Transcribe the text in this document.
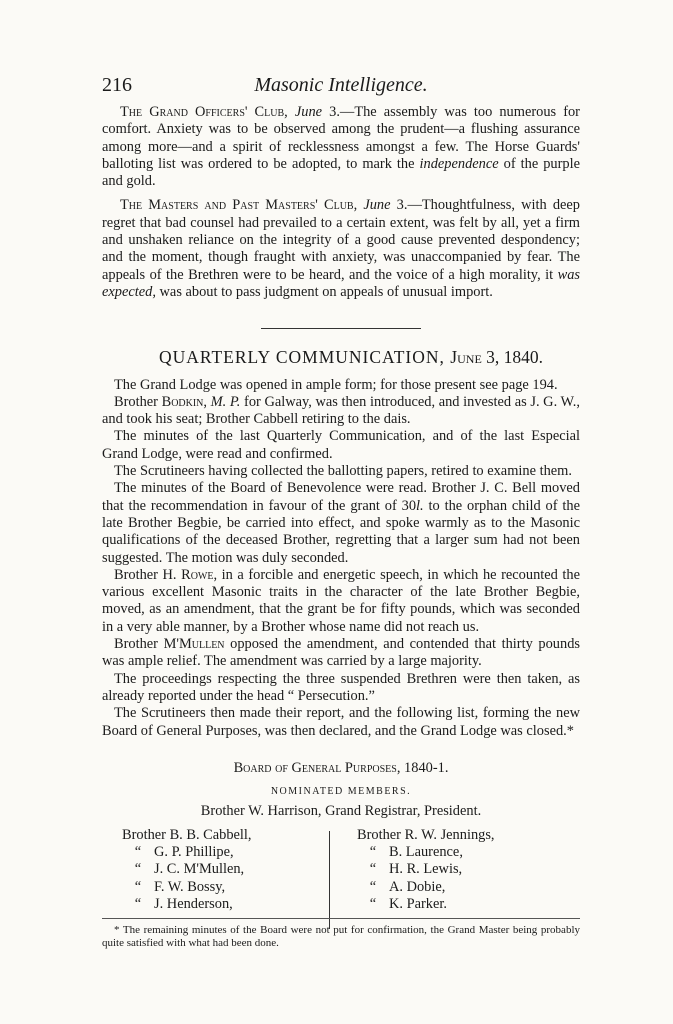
216	Masonic Intelligence.

The Grand Officers' Club, June 3.—The assembly was too numerous for comfort. Anxiety was to be observed among the prudent—a flushing assurance among more—and a spirit of recklessness amongst a few. The Horse Guards' balloting list was ordered to be adopted, to mark the independence of the purple and gold.

The Masters and Past Masters' Club, June 3.—Thoughtfulness, with deep regret that bad counsel had prevailed to a certain extent, was felt by all, yet a firm and unshaken reliance on the integrity of a good cause prevented despondency; and the moment, though fraught with anxiety, was unaccompanied by fear. The appeals of the Brethren were to be heard, and the voice of a high morality, it was expected, was about to pass judgment on appeals of unusual import.

QUARTERLY COMMUNICATION, June 3, 1840.

The Grand Lodge was opened in ample form; for those present see page 194.

Brother Bodkin, M. P. for Galway, was then introduced, and invested as J. G. W., and took his seat; Brother Cabbell retiring to the dais.

The minutes of the last Quarterly Communication, and of the last Especial Grand Lodge, were read and confirmed.

The Scrutineers having collected the ballotting papers, retired to examine them.

The minutes of the Board of Benevolence were read. Brother J. C. Bell moved that the recommendation in favour of the grant of 30l. to the orphan child of the late Brother Begbie, be carried into effect, and spoke warmly as to the Masonic qualifications of the deceased Brother, regretting that a larger sum had not been suggested. The motion was duly seconded.

Brother H. Rowe, in a forcible and energetic speech, in which he recounted the various excellent Masonic traits in the character of the late Brother Begbie, moved, as an amendment, that the grant be for fifty pounds, which was seconded in a very able manner, by a Brother whose name did not reach us.

Brother M'Mullen opposed the amendment, and contended that thirty pounds was ample relief. The amendment was carried by a large majority.

The proceedings respecting the three suspended Brethren were then taken, as already reported under the head “ Persecution.”

The Scrutineers then made their report, and the following list, forming the new Board of General Purposes, was then declared, and the Grand Lodge was closed.*

Board of General Purposes, 1840-1.
NOMINATED MEMBERS.
Brother W. Harrison, Grand Registrar, President.
Brother B. B. Cabbell,
“ G. P. Phillipe,
“ J. C. M'Mullen,
“ F. W. Bossy,
“ J. Henderson,
Brother R. W. Jennings,
“ B. Laurence,
“ H. R. Lewis,
“ A. Dobie,
“ K. Parker.
* The remaining minutes of the Board were not put for confirmation, the Grand Master being probably quite satisfied with what had been done.
